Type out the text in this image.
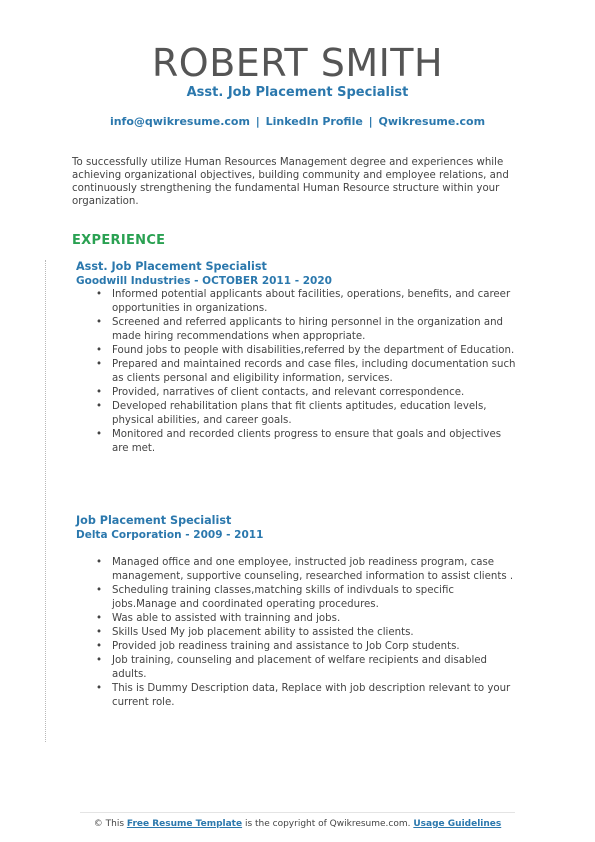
ROBERT SMITH
Asst. Job Placement Specialist
info@qwikresume.com | LinkedIn Profile | Qwikresume.com
To successfully utilize Human Resources Management degree and experiences while achieving organizational objectives, building community and employee relations, and continuously strengthening the fundamental Human Resource structure within your organization.
EXPERIENCE
Asst. Job Placement Specialist
Goodwill Industries - OCTOBER 2011 - 2020
• Informed potential applicants about facilities, operations, benefits, and career opportunities in organizations.
• Screened and referred applicants to hiring personnel in the organization and made hiring recommendations when appropriate.
• Found jobs to people with disabilities,referred by the department of Education.
• Prepared and maintained records and case files, including documentation such as clients personal and eligibility information, services.
• Provided, narratives of client contacts, and relevant correspondence.
• Developed rehabilitation plans that fit clients aptitudes, education levels, physical abilities, and career goals.
• Monitored and recorded clients progress to ensure that goals and objectives are met.
Job Placement Specialist
Delta Corporation - 2009 - 2011
• Managed office and one employee, instructed job readiness program, case management, supportive counseling, researched information to assist clients .
• Scheduling training classes,matching skills of indivduals to specific jobs.Manage and coordinated operating procedures.
• Was able to assisted with trainning and jobs.
• Skills Used My job placement ability to assisted the clients.
• Provided job readiness training and assistance to Job Corp students.
• Job training, counseling and placement of welfare recipients and disabled adults.
• This is Dummy Description data, Replace with job description relevant to your current role.
© This Free Resume Template is the copyright of Qwikresume.com. Usage Guidelines
